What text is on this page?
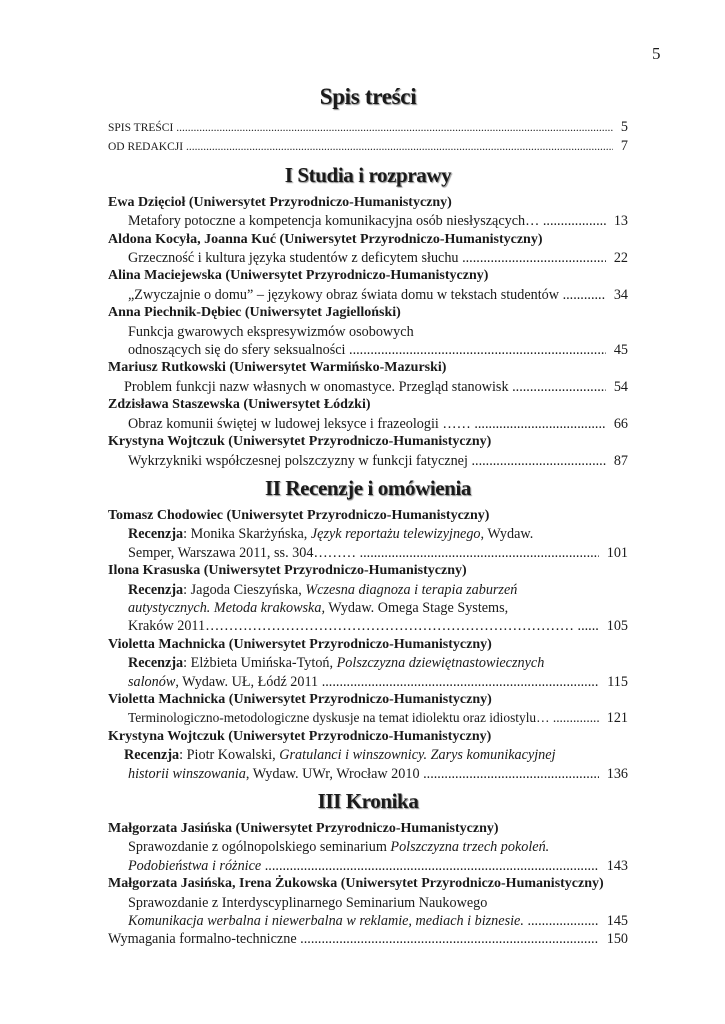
5
Spis treści
SPIS TREŚCI .....	5
OD REDAKCJI .....	7
I Studia i rozprawy
Ewa Dzięcioł (Uniwersytet Przyrodniczo-Humanistyczny)
Metafory potoczne a kompetencja komunikacyjna osób niesłyszących… .....	13
Aldona Kocyła, Joanna Kuć (Uniwersytet Przyrodniczo-Humanistyczny)
Grzeczność i kultura języka studentów z deficytem słuchu .....	22
Alina Maciejewska (Uniwersytet Przyrodniczo-Humanistyczny)
„Zwyczajnie o domu” – językowy obraz świata domu w tekstach studentów .....	34
Anna Piechnik-Dębiec (Uniwersytet Jagielloński)
Funkcja gwarowych ekspresywizmów osobowych
odnoszących się do sfery seksualności .....	45
Mariusz Rutkowski (Uniwersytet Warmińsko-Mazurski)
Problem funkcji nazw własnych w onomastyce. Przegląd stanowisk .....	54
Zdzisława Staszewska (Uniwersytet Łódzki)
Obraz komunii świętej w ludowej leksyce i frazeologii …… .....	66
Krystyna Wojtczuk (Uniwersytet Przyrodniczo-Humanistyczny)
Wykrzykniki współczesnej polszczyzny w funkcji fatycznej .....	87
II Recenzje i omówienia
Tomasz Chodowiec (Uniwersytet Przyrodniczo-Humanistyczny)
Recenzja: Monika Skarżyńska, Język reportażu telewizyjnego, Wydaw.
Semper, Warszawa 2011, ss. 304……… .....	101
Ilona Krasuska (Uniwersytet Przyrodniczo-Humanistyczny)
Recenzja: Jagoda Cieszyńska, Wczesna diagnoza i terapia zaburzeń
autystycznych. Metoda krakowska, Wydaw. Omega Stage Systems,
Kraków 2011…………………………………………………………………… .....	105
Violetta Machnicka (Uniwersytet Przyrodniczo-Humanistyczny)
Recenzja: Elżbieta Umińska-Tytoń, Polszczyzna dziewiętnastowiecznych
salonów, Wydaw. UŁ, Łódź 2011 .....	115
Violetta Machnicka (Uniwersytet Przyrodniczo-Humanistyczny)
Terminologiczno-metodologiczne dyskusje na temat idiolektu oraz idiostylu… .....	121
Krystyna Wojtczuk (Uniwersytet Przyrodniczo-Humanistyczny)
Recenzja: Piotr Kowalski, Gratulanci i winszownicy. Zarys komunikacyjnej
historii winszowania, Wydaw. UWr, Wrocław 2010 .....	136
III Kronika
Małgorzata Jasińska (Uniwersytet Przyrodniczo-Humanistyczny)
Sprawozdanie z ogólnopolskiego seminarium Polszczyzna trzech pokoleń.
Podobieństwa i różnice .....	143
Małgorzata Jasińska, Irena Żukowska (Uniwersytet Przyrodniczo-Humanistyczny)
Sprawozdanie z Interdyscyplinarnego Seminarium Naukowego
Komunikacja werbalna i niewerbalna w reklamie, mediach i biznesie. .....	145
Wymagania formalno-techniczne .....	150
